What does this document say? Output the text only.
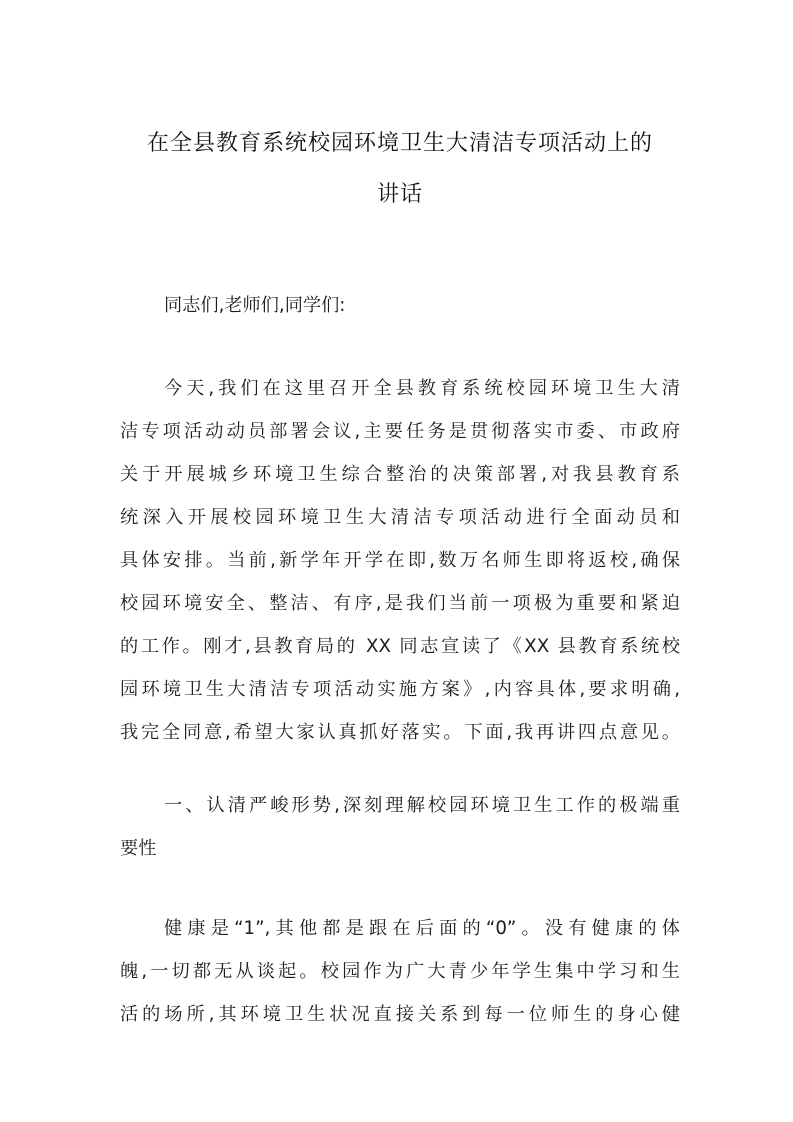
在全县教育系统校园环境卫生大清洁专项活动上的
讲话
同志们,老师们,同学们:
今天,我们在这里召开全县教育系统校园环境卫生大清
洁专项活动动员部署会议,主要任务是贯彻落实市委、市政府
关于开展城乡环境卫生综合整治的决策部署,对我县教育系
统深入开展校园环境卫生大清洁专项活动进行全面动员和
具体安排。当前,新学年开学在即,数万名师生即将返校,确保
校园环境安全、整洁、有序,是我们当前一项极为重要和紧迫
的工作。刚才,县教育局的 XX 同志宣读了《XX 县教育系统校
园环境卫生大清洁专项活动实施方案》,内容具体,要求明确,
我完全同意,希望大家认真抓好落实。下面,我再讲四点意见。
一、认清严峻形势,深刻理解校园环境卫生工作的极端重
要性
健康是“1”,其他都是跟在后面的“0”。没有健康的体
魄,一切都无从谈起。校园作为广大青少年学生集中学习和生
活的场所,其环境卫生状况直接关系到每一位师生的身心健
